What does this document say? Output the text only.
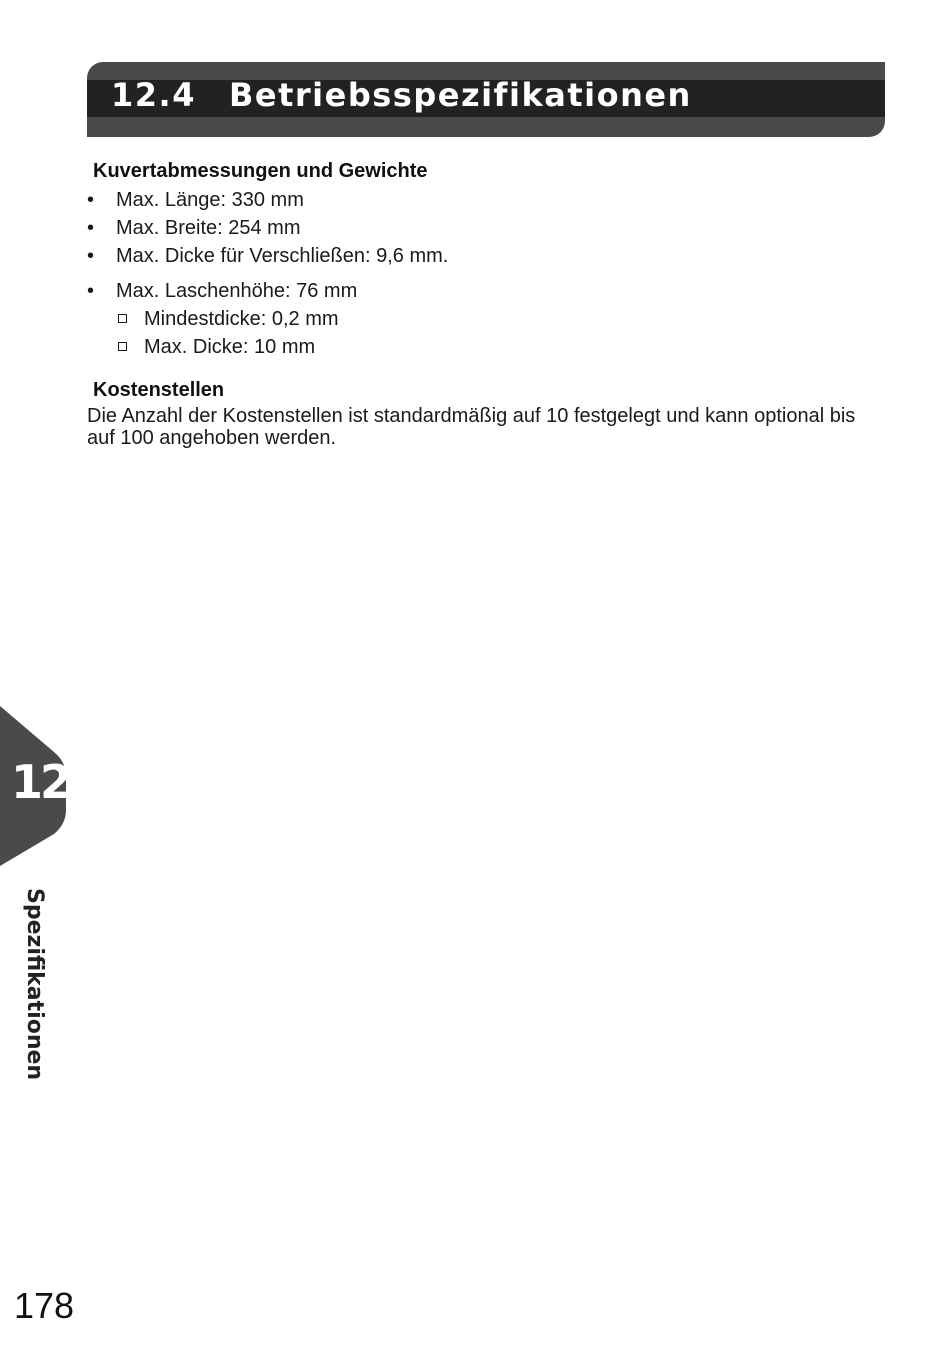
12.4 Betriebsspezifikationen
Kuvertabmessungen und Gewichte
• Max. Länge: 330 mm
• Max. Breite: 254 mm
• Max. Dicke für Verschließen: 9,6 mm.
• Max. Laschenhöhe: 76 mm
Mindestdicke: 0,2 mm
Max. Dicke: 10 mm
Kostenstellen

Die Anzahl der Kostenstellen ist standardmäßig auf 10 festgelegt und kann optional bis auf 100 angehoben werden.

12
Spezifikationen
178
